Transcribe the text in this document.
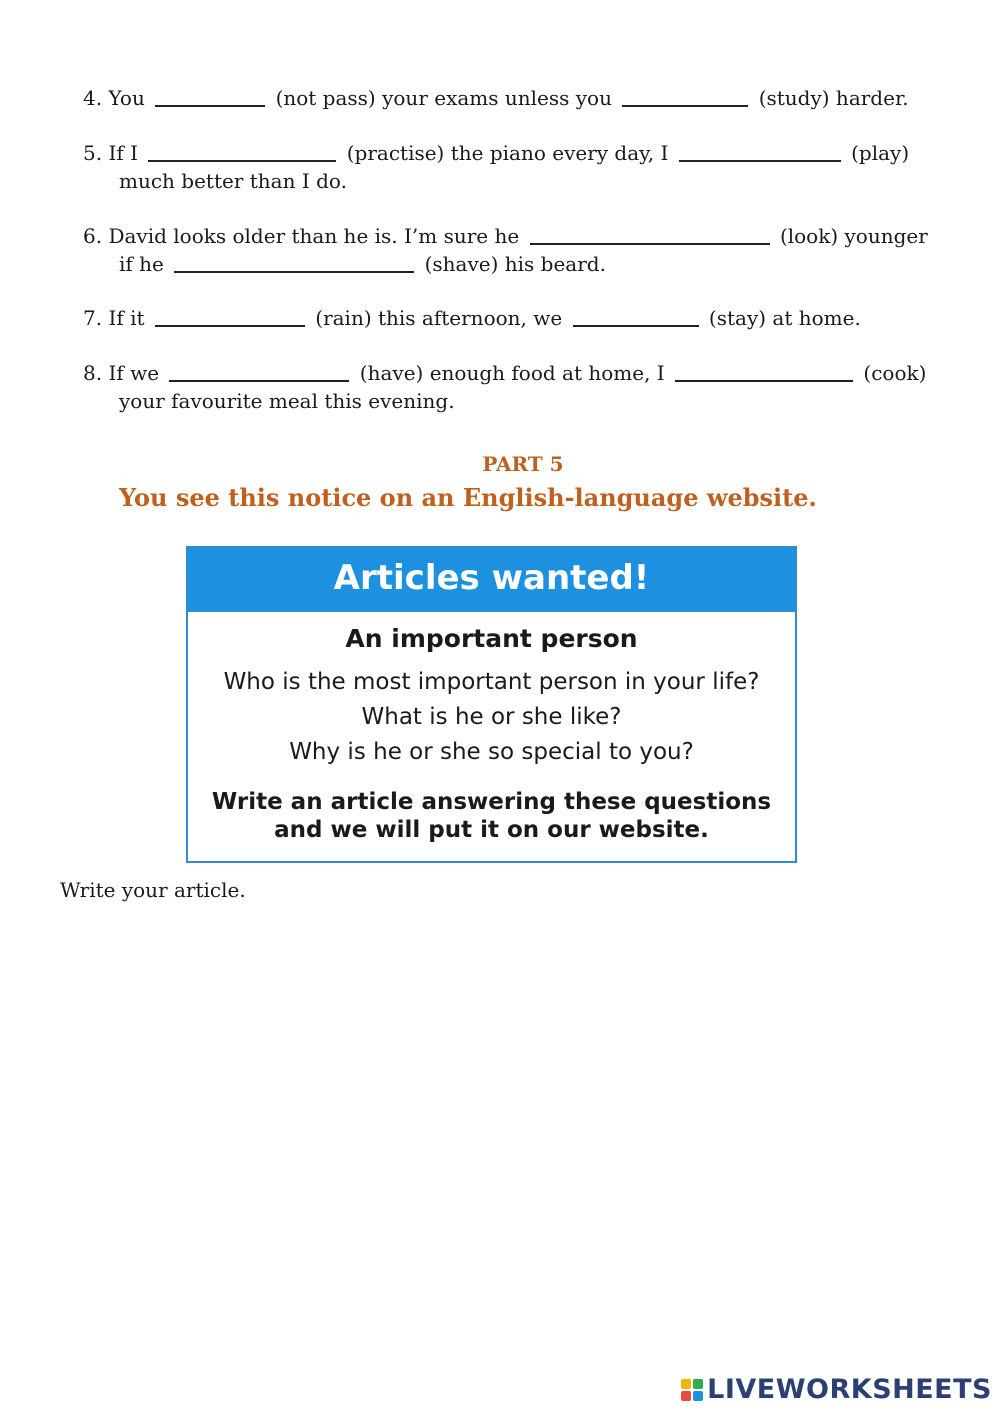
4. You	(not pass) your exams unless you	(study) harder.
5. If I	(practise) the piano every day, I	(play)
much better than I do.
6. David looks older than he is. I’m sure he	(look) younger
if he	(shave) his beard.
7. If it	(rain) this afternoon, we	(stay) at home.
8. If we	(have) enough food at home, I	(cook)
your favourite meal this evening.
PART 5
You see this notice on an English-language website.
Articles wanted!
An important person
Who is the most important person in your life?
What is he or she like?
Why is he or she so special to you?
Write an article answering these questions
and we will put it on our website.
Write your article.
LIVEWORKSHEETS
